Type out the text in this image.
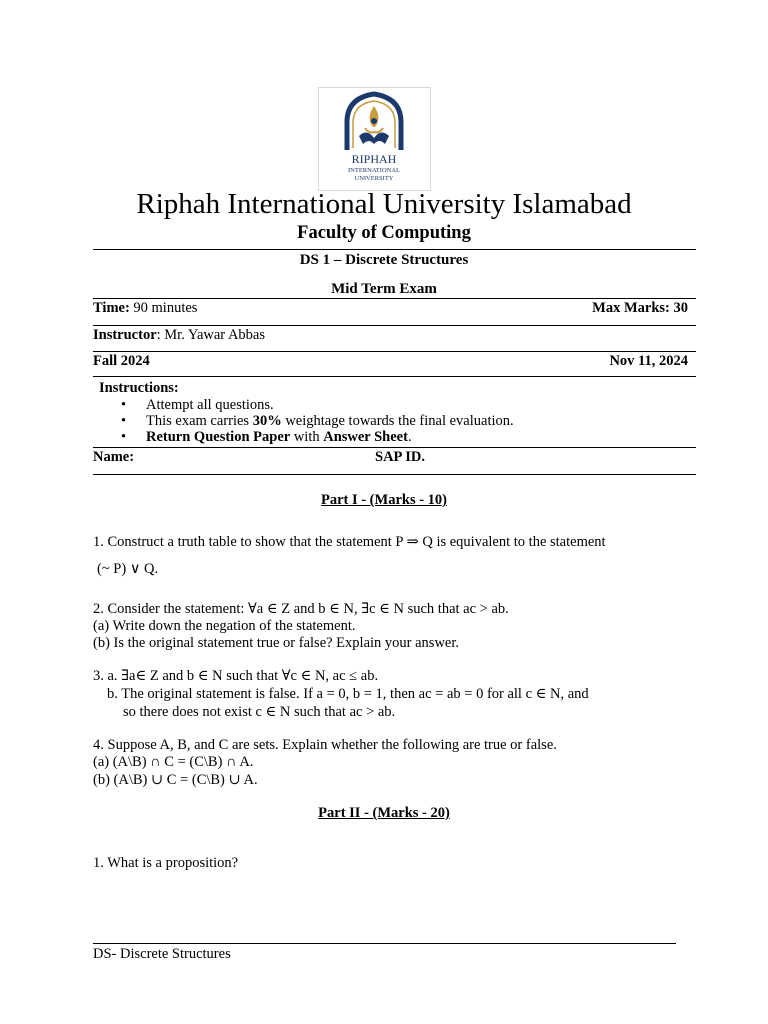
RIPHAH
INTERNATIONAL
UNIVERSITY
Riphah International University Islamabad
Faculty of Computing
DS 1 – Discrete Structures
Mid Term Exam
Time: 90 minutes	Max Marks: 30
Instructor: Mr. Yawar Abbas
Fall 2024	Nov 11, 2024
Instructions:
• Attempt all questions.
• This exam carries 30% weightage towards the final evaluation.
• Return Question Paper with Answer Sheet.
Name:	SAP ID.
Part I - (Marks - 10)
1. Construct a truth table to show that the statement P ⇒ Q is equivalent to the statement
(~ P) ∨ Q.
2. Consider the statement: ∀a ∈ Z and b ∈ N, ∃c ∈ N such that ac > ab.
(a) Write down the negation of the statement.
(b) Is the original statement true or false? Explain your answer.
3. a. ∃a∈ Z and b ∈ N such that ∀c ∈ N, ac ≤ ab.
b. The original statement is false. If a = 0, b = 1, then ac = ab = 0 for all c ∈ N, and
so there does not exist c ∈ N such that ac > ab.
4. Suppose A, B, and C are sets. Explain whether the following are true or false.
(a) (A\B) ∩ C = (C\B) ∩ A.
(b) (A\B) ∪ C = (C\B) ∪ A.
Part II - (Marks - 20)
1. What is a proposition?
DS- Discrete Structures
